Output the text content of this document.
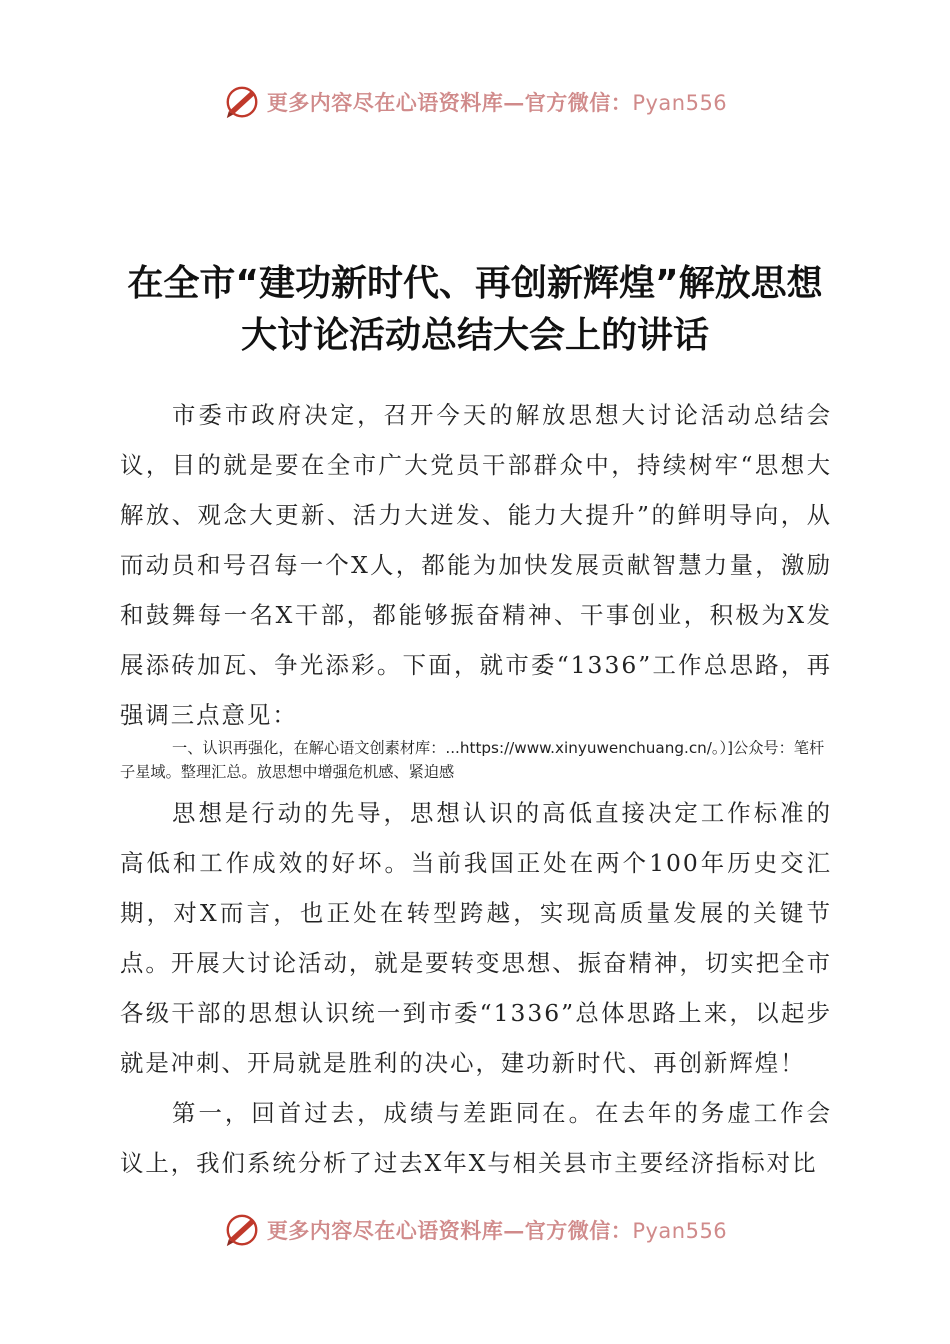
更多内容尽在心语资料库—官方微信：Pyan556
在全市“建功新时代、再创新辉煌”解放思想
大讨论活动总结大会上的讲话

市委市政府决定，召开今天的解放思想大讨论活动总结会议，目的就是要在全市广大党员干部群众中，持续树牢“思想大解放、观念大更新、活力大迸发、能力大提升”的鲜明导向，从而动员和号召每一个X人，都能为加快发展贡献智慧力量，激励和鼓舞每一名X干部，都能够振奋精神、干事创业，积极为X发展添砖加瓦、争光添彩。下面，就市委“1336”工作总思路，再强调三点意见：

一、认识再强化，在解心语文创素材库：...https://www.xinyuwenchuang.cn/。）]公众号：笔杆子星域。整理汇总。放思想中增强危机感、紧迫感

思想是行动的先导，思想认识的高低直接决定工作标准的高低和工作成效的好坏。当前我国正处在两个100年历史交汇期，对X而言，也正处在转型跨越，实现高质量发展的关键节点。开展大讨论活动，就是要转变思想、振奋精神，切实把全市各级干部的思想认识统一到市委“1336”总体思路上来，以起步就是冲刺、开局就是胜利的决心，建功新时代、再创新辉煌！

第一，回首过去，成绩与差距同在。在去年的务虚工作会议上，我们系统分析了过去X年X与相关县市主要经济指标对比

更多内容尽在心语资料库—官方微信：Pyan556
